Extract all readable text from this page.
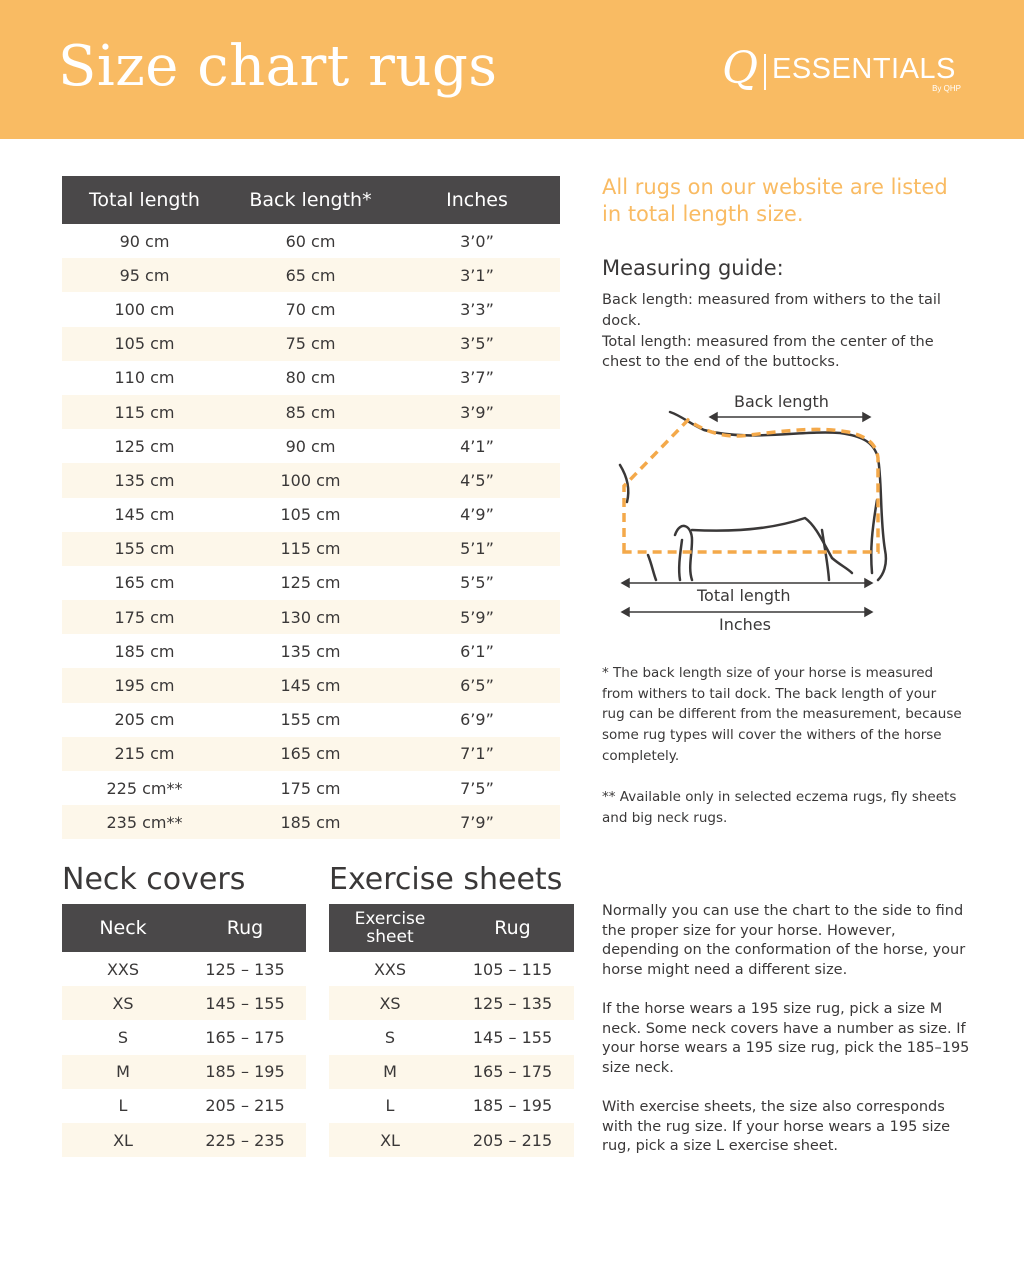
Size chart rugs	Q ESSENTIALS
By QHP
Total length	Back length*	Inches
90 cm	60 cm	3’0”
95 cm	65 cm	3’1”
100 cm	70 cm	3’3”
105 cm	75 cm	3’5”
110 cm	80 cm	3’7”
115 cm	85 cm	3’9”
125 cm	90 cm	4’1”
135 cm	100 cm	4’5”
145 cm	105 cm	4’9”
155 cm	115 cm	5’1”
165 cm	125 cm	5’5”
175 cm	130 cm	5’9”
185 cm	135 cm	6’1”
195 cm	145 cm	6’5”
205 cm	155 cm	6’9”
215 cm	165 cm	7’1”
225 cm**	175 cm	7’5”
235 cm**	185 cm	7’9”
All rugs on our website are listed in total length size.
Measuring guide:
Back length: measured from withers to the tail dock.
Total length: measured from the center of the chest to the end of the buttocks.
Back length
Total length
Inches
* The back length size of your horse is measured from withers to tail dock. The back length of your rug can be different from the measurement, because some rug types will cover the withers of the horse completely.
** Available only in selected eczema rugs, fly sheets and big neck rugs.
Neck covers
Neck	Rug
XXS	125 – 135
XS	145 – 155
S	165 – 175
M	185 – 195
L	205 – 215
XL	225 – 235
Exercise sheets
Exercise sheet	Rug
XXS	105 – 115
XS	125 – 135
S	145 – 155
M	165 – 175
L	185 – 195
XL	205 – 215
Normally you can use the chart to the side to find the proper size for your horse. However, depending on the conformation of the horse, your horse might need a different size.
If the horse wears a 195 size rug, pick a size M neck. Some neck covers have a number as size. If your horse wears a 195 size rug, pick the 185–195 size neck.
With exercise sheets, the size also corresponds with the rug size. If your horse wears a 195 size rug, pick a size L exercise sheet.
